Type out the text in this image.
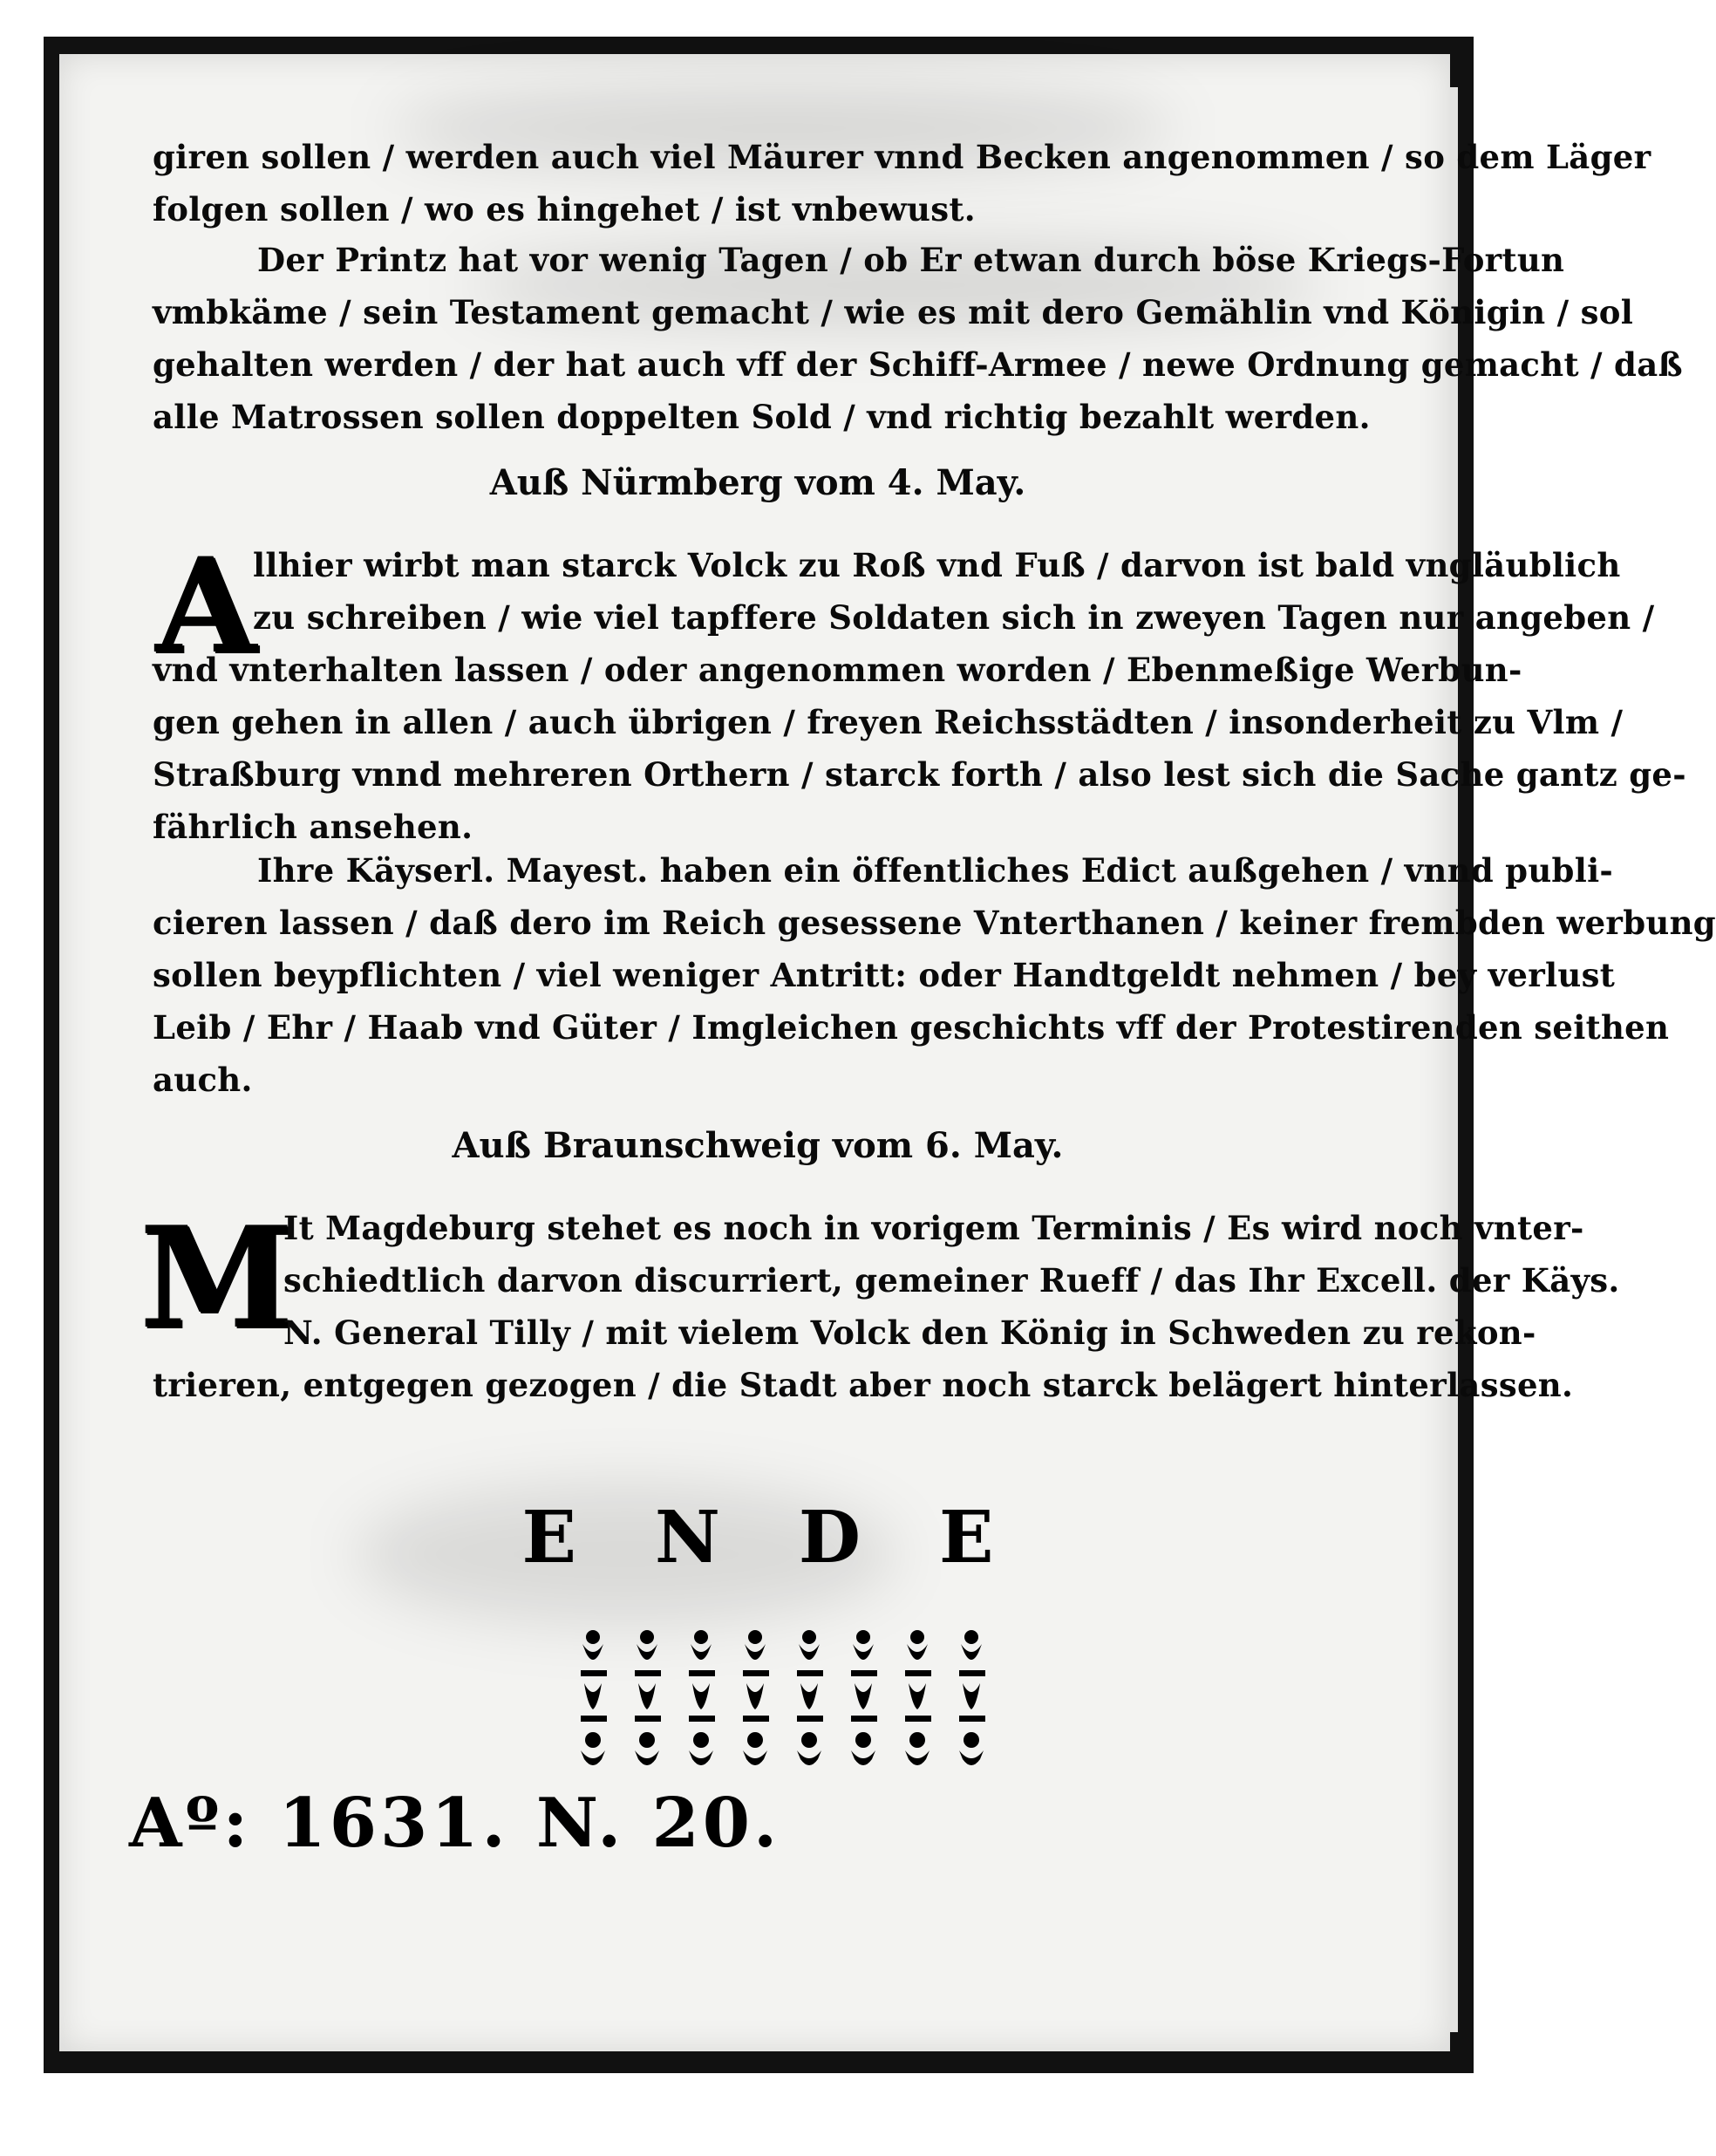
giren sollen / werden auch viel Mäurer vnnd Becken angenommen / so dem Läger
folgen sollen / wo es hingehet / ist vnbewust.
Der Printz hat vor wenig Tagen / ob Er etwan durch böse Kriegs-Fortun
vmbkäme / sein Testament gemacht / wie es mit dero Gemählin vnd Königin / sol
gehalten werden / der hat auch vff der Schiff-Armee / newe Ordnung gemacht / daß
alle Matrossen sollen doppelten Sold / vnd richtig bezahlt werden.
Auß Nürmberg vom 4. May.
A
llhier wirbt man starck Volck zu Roß vnd Fuß / darvon ist bald vngläublich
zu schreiben / wie viel tapffere Soldaten sich in zweyen Tagen nur angeben /
vnd vnterhalten lassen / oder angenommen worden / Ebenmeßige Werbun-
gen gehen in allen / auch übrigen / freyen Reichsstädten / insonderheit zu Vlm /
Straßburg vnnd mehreren Orthern / starck forth / also lest sich die Sache gantz ge-
fährlich ansehen.
Ihre Käyserl. Mayest. haben ein öffentliches Edict außgehen / vnnd publi-
cieren lassen / daß dero im Reich gesessene Vnterthanen / keiner frembden werbung
sollen beypflichten / viel weniger Antritt: oder Handtgeldt nehmen / bey verlust
Leib / Ehr / Haab vnd Güter / Imgleichen geschichts vff der Protestirenden seithen
auch.
Auß Braunschweig vom 6. May.
M
It Magdeburg stehet es noch in vorigem Terminis / Es wird noch vnter-
schiedtlich darvon discurriert, gemeiner Rueff / das Ihr Excell. der Käys.
N. General Tilly / mit vielem Volck den König in Schweden zu rekon-
trieren, entgegen gezogen / die Stadt aber noch starck belägert hinterlassen.
ENDE
Aº: 1631. N. 20.
